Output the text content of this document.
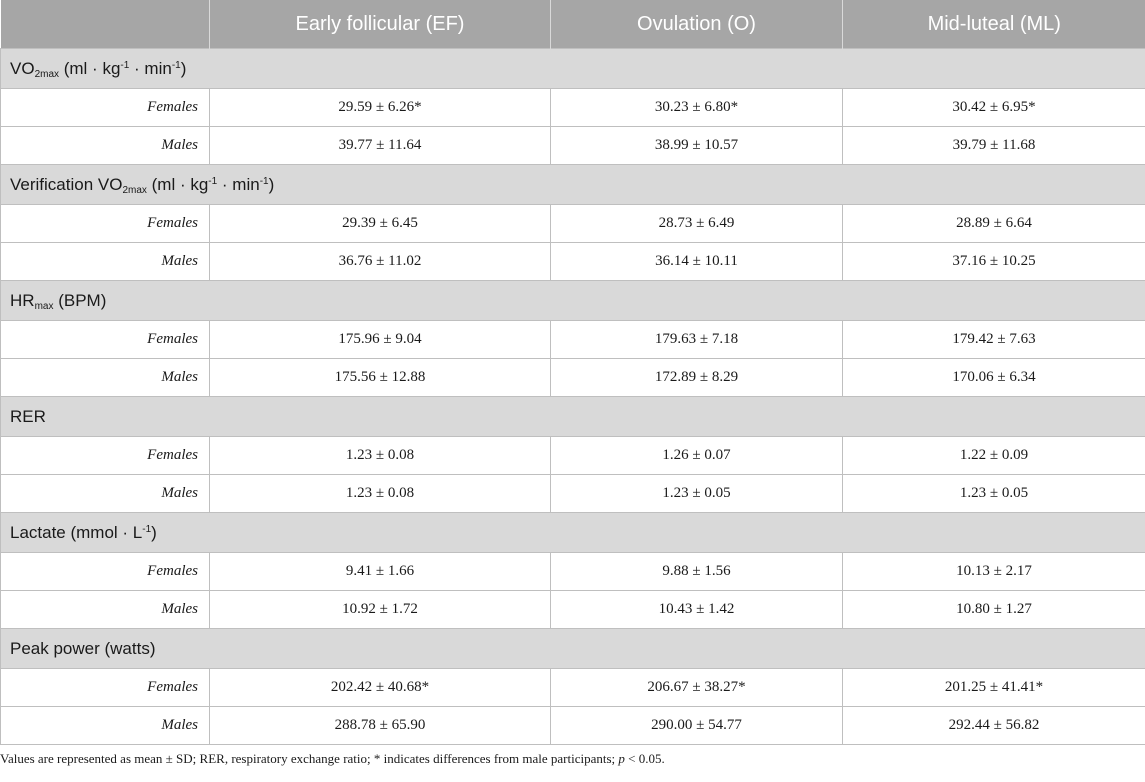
	Early follicular (EF)	Ovulation (O)	Mid-luteal (ML)
$VO_{2max}$ $(ml \cdot kg^{-1} \cdot \min^{-1})$			
Females	29.59 ± 6.26*	30.23 ± 6.80*	30.42 ± 6.95*
Males	39.77 ± 11.64	38.99 ± 10.57	39.79 ± 11.68
Verification $VO_{2max}$ $(ml \cdot kg^{-1} \cdot \min^{-1})$			
Females	29.39 ± 6.45	28.73 ± 6.49	28.89 ± 6.64
Males	36.76 ± 11.02	36.14 ± 10.11	37.16 ± 10.25
$HR_{max}$ (BPM)			
Females	175.96 ± 9.04	179.63 ± 7.18	179.42 ± 7.63
Males	175.56 ± 12.88	172.89 ± 8.29	170.06 ± 6.34
RER			
Females	1.23 ± 0.08	1.26 ± 0.07	1.22 ± 0.09
Males	1.23 ± 0.08	1.23 ± 0.05	1.23 ± 0.05
Lactate (mmol · $L^{-1}$)			
Females	9.41 ± 1.66	9.88 ± 1.56	10.13 ± 2.17
Males	10.92 ± 1.72	10.43 ± 1.42	10.80 ± 1.27
Peak power (watts)			
Females	202.42 ± 40.68*	206.67 ± 38.27*	201.25 ± 41.41*
Males	288.78 ± 65.90	290.00 ± 54.77	292.44 ± 56.82

Values are represented as mean ± SD; RER, respiratory exchange ratio; * indicates differences from male participants; p < 0.05.
